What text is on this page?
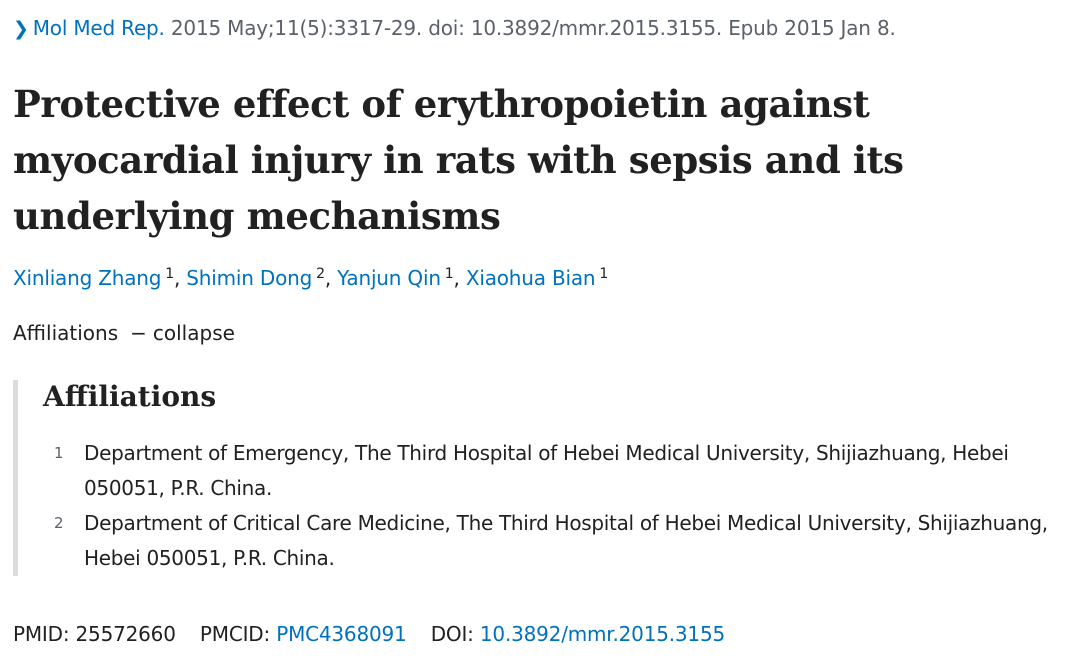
❯ Mol Med Rep. 2015 May;11(5):3317-29. doi: 10.3892/mmr.2015.3155. Epub 2015 Jan 8.
Protective effect of erythropoietin against myocardial injury in rats with sepsis and its underlying mechanisms
Xinliang Zhang $^1$, Shimin Dong $^2$, Yanjun Qin $^1$, Xiaohua Bian $^1$
Affiliations − collapse
Affiliations
1 Department of Emergency, The Third Hospital of Hebei Medical University, Shijiazhuang, Hebei 050051, P.R. China.
2 Department of Critical Care Medicine, The Third Hospital of Hebei Medical University, Shijiazhuang, Hebei 050051, P.R. China.
PMID: 25572660 PMCID: PMC4368091 DOI: 10.3892/mmr.2015.3155
